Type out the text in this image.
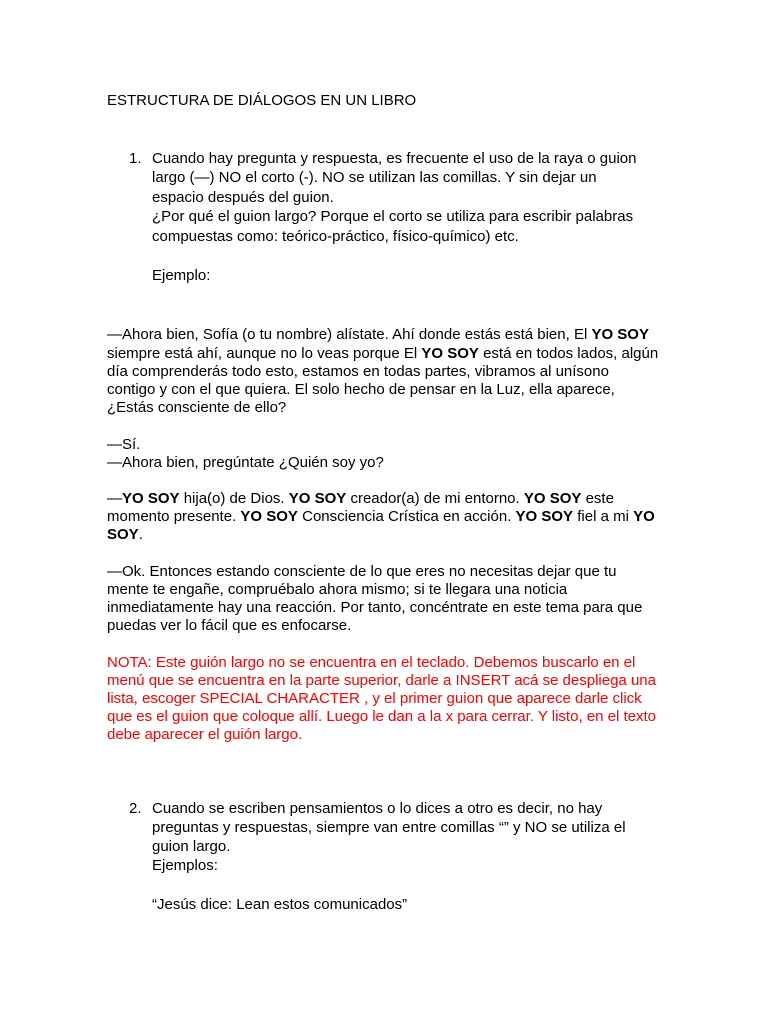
ESTRUCTURA DE DIÁLOGOS EN UN LIBRO

1. Cuando hay pregunta y respuesta, es frecuente el uso de la raya o guion

largo (—) NO el corto (-). NO se utilizan las comillas. Y sin dejar un

espacio después del guion.

¿Por qué el guion largo? Porque el corto se utiliza para escribir palabras

compuestas como: teórico-práctico, físico-químico) etc.

Ejemplo:

—Ahora bien, Sofía (o tu nombre) alístate. Ahí donde estás está bien, El YO SOY

siempre está ahí, aunque no lo veas porque El YO SOY está en todos lados, algún

día comprenderás todo esto, estamos en todas partes, vibramos al unísono

contigo y con el que quiera. El solo hecho de pensar en la Luz, ella aparece,

¿Estás consciente de ello?

—Sí.

—Ahora bien, pregúntate ¿Quién soy yo?

—YO SOY hija(o) de Dios. YO SOY creador(a) de mi entorno. YO SOY este

momento presente. YO SOY Consciencia Crística en acción. YO SOY fiel a mi YO

SOY.

—Ok. Entonces estando consciente de lo que eres no necesitas dejar que tu

mente te engañe, compruébalo ahora mismo; si te llegara una noticia

inmediatamente hay una reacción. Por tanto, concéntrate en este tema para que

puedas ver lo fácil que es enfocarse.

NOTA: Este guión largo no se encuentra en el teclado. Debemos buscarlo en el

menú que se encuentra en la parte superior, darle a INSERT acá se despliega una

lista, escoger SPECIAL CHARACTER , y el primer guion que aparece darle click

que es el guion que coloque allí. Luego le dan a la x para cerrar. Y listo, en el texto

debe aparecer el guión largo.

2. Cuando se escriben pensamientos o lo dices a otro es decir, no hay

preguntas y respuestas, siempre van entre comillas “” y NO se utiliza el

guion largo.

Ejemplos:

“Jesús dice: Lean estos comunicados”
